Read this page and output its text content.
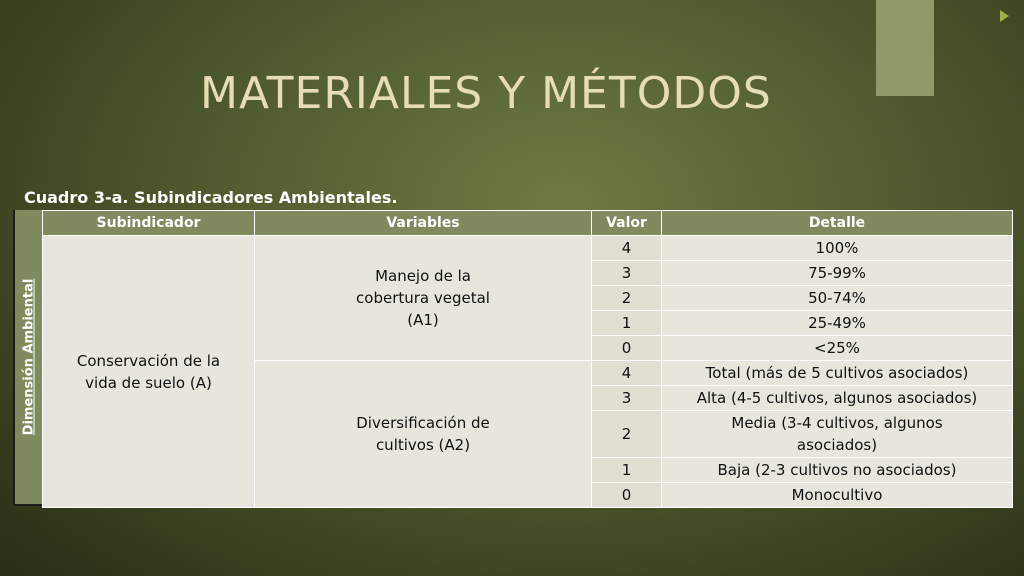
MATERIALES Y MÉTODOS
Cuadro 3-a. Subindicadores Ambientales.
Dimensión Ambiental
Subindicador	Variables	Valor	Detalle

Conservación de la vida de suelo (A)	Manejo de la cobertura vegetal (A1)	4	100%
		3	75-99%
		2	50-74%
		1	25-49%
		0	<25%

	Diversificación de cultivos (A2)	4	Total (más de 5 cultivos asociados)
		3	Alta (4-5 cultivos, algunos asociados)
		2	Media (3-4 cultivos, algunos asociados)

		1	Baja (2-3 cultivos no asociados)
		0	Monocultivo
